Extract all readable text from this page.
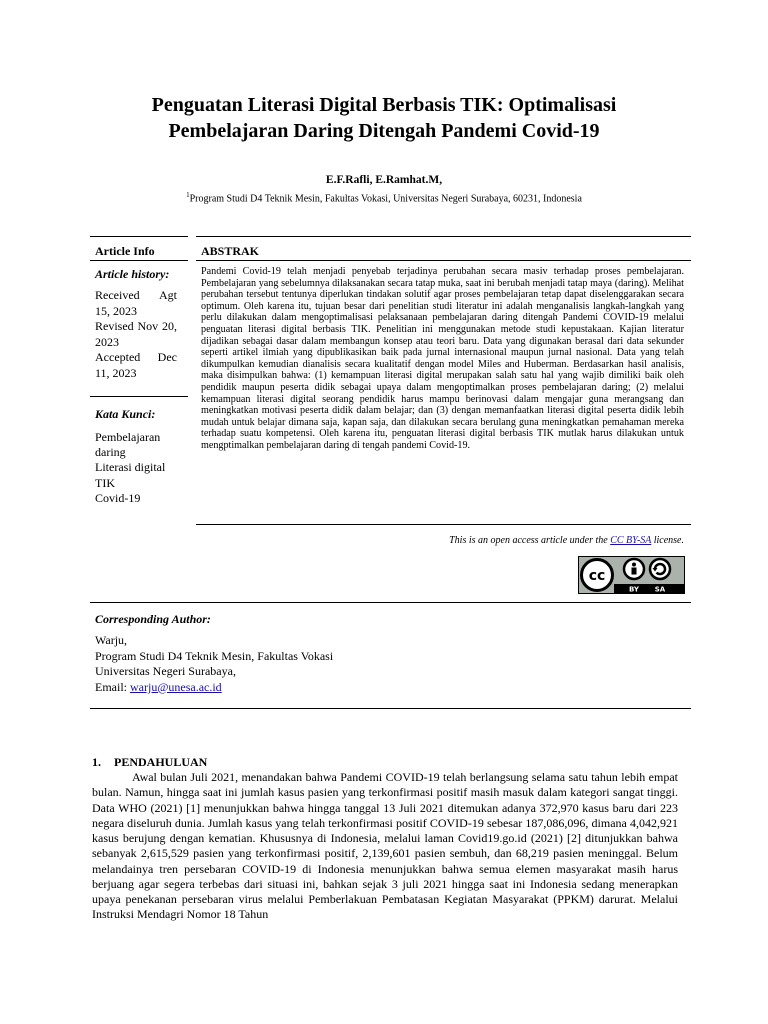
Penguatan Literasi Digital Berbasis TIK: Optimalisasi
Pembelajaran Daring Ditengah Pandemi Covid-19
E.F.Rafli, E.Ramhat.M,
$^1$Program Studi D4 Teknik Mesin, Fakultas Vokasi, Universitas Negeri Surabaya, 60231, Indonesia
Article Info	ABSTRAK
Article history:
Received Agt 15, 2023
Revised Nov 20, 2023
Accepted Dec 11, 2023
Kata Kunci:
Pembelajaran daring
Literasi digital
TIK
Covid-19
Pandemi Covid-19 telah menjadi penyebab terjadinya perubahan secara masiv terhadap proses pembelajaran. Pembelajaran yang sebelumnya dilaksanakan secara tatap muka, saat ini berubah menjadi tatap maya (daring). Melihat perubahan tersebut tentunya diperlukan tindakan solutif agar proses pembelajaran tetap dapat diselenggarakan secara optimum. Oleh karena itu, tujuan besar dari penelitian studi literatur ini adalah menganalisis langkah-langkah yang perlu dilakukan dalam mengoptimalisasi pelaksanaan pembelajaran daring ditengah Pandemi COVID-19 melalui penguatan literasi digital berbasis TIK. Penelitian ini menggunakan metode studi kepustakaan. Kajian literatur dijadikan sebagai dasar dalam membangun konsep atau teori baru. Data yang digunakan berasal dari data sekunder seperti artikel ilmiah yang dipublikasikan baik pada jurnal internasional maupun jurnal nasional. Data yang telah dikumpulkan kemudian dianalisis secara kualitatif dengan model Miles and Huberman. Berdasarkan hasil analisis, maka disimpulkan bahwa: (1) kemampuan literasi digital merupakan salah satu hal yang wajib dimiliki baik oleh pendidik maupun peserta didik sebagai upaya dalam mengoptimalkan proses pembelajaran daring; (2) melalui kemampuan literasi digital seorang pendidik harus mampu berinovasi dalam mengajar guna merangsang dan meningkatkan motivasi peserta didik dalam belajar; dan (3) dengan memanfaatkan literasi digital peserta didik lebih mudah untuk belajar dimana saja, kapan saja, dan dilakukan secara berulang guna meningkatkan pemahaman mereka terhadap suatu kompetensi. Oleh karena itu, penguatan literasi digital berbasis TIK mutlak harus dilakukan untuk mengptimalkan pembelajaran daring di tengah pandemi Covid-19.
This is an open access article under the CC BY-SA license.
cc
BY SA
Corresponding Author:
Warju,
Program Studi D4 Teknik Mesin, Fakultas Vokasi
Universitas Negeri Surabaya,
Email: warju@unesa.ac.id
1. PENDAHULUAN
Awal bulan Juli 2021, menandakan bahwa Pandemi COVID-19 telah berlangsung selama satu tahun lebih empat bulan. Namun, hingga saat ini jumlah kasus pasien yang terkonfirmasi positif masih masuk dalam kategori sangat tinggi. Data WHO (2021) [1] menunjukkan bahwa hingga tanggal 13 Juli 2021 ditemukan adanya 372,970 kasus baru dari 223 negara diseluruh dunia. Jumlah kasus yang telah terkonfirmasi positif COVID-19 sebesar 187,086,096, dimana 4,042,921 kasus berujung dengan kematian. Khususnya di Indonesia, melalui laman Covid19.go.id (2021) [2] ditunjukkan bahwa sebanyak 2,615,529 pasien yang terkonfirmasi positif, 2,139,601 pasien sembuh, dan 68,219 pasien meninggal. Belum melandainya tren persebaran COVID-19 di Indonesia menunjukkan bahwa semua elemen masyarakat masih harus berjuang agar segera terbebas dari situasi ini, bahkan sejak 3 juli 2021 hingga saat ini Indonesia sedang menerapkan upaya penekanan persebaran virus melalui Pemberlakuan Pembatasan Kegiatan Masyarakat (PPKM) darurat. Melalui Instruksi Mendagri Nomor 18 Tahun
